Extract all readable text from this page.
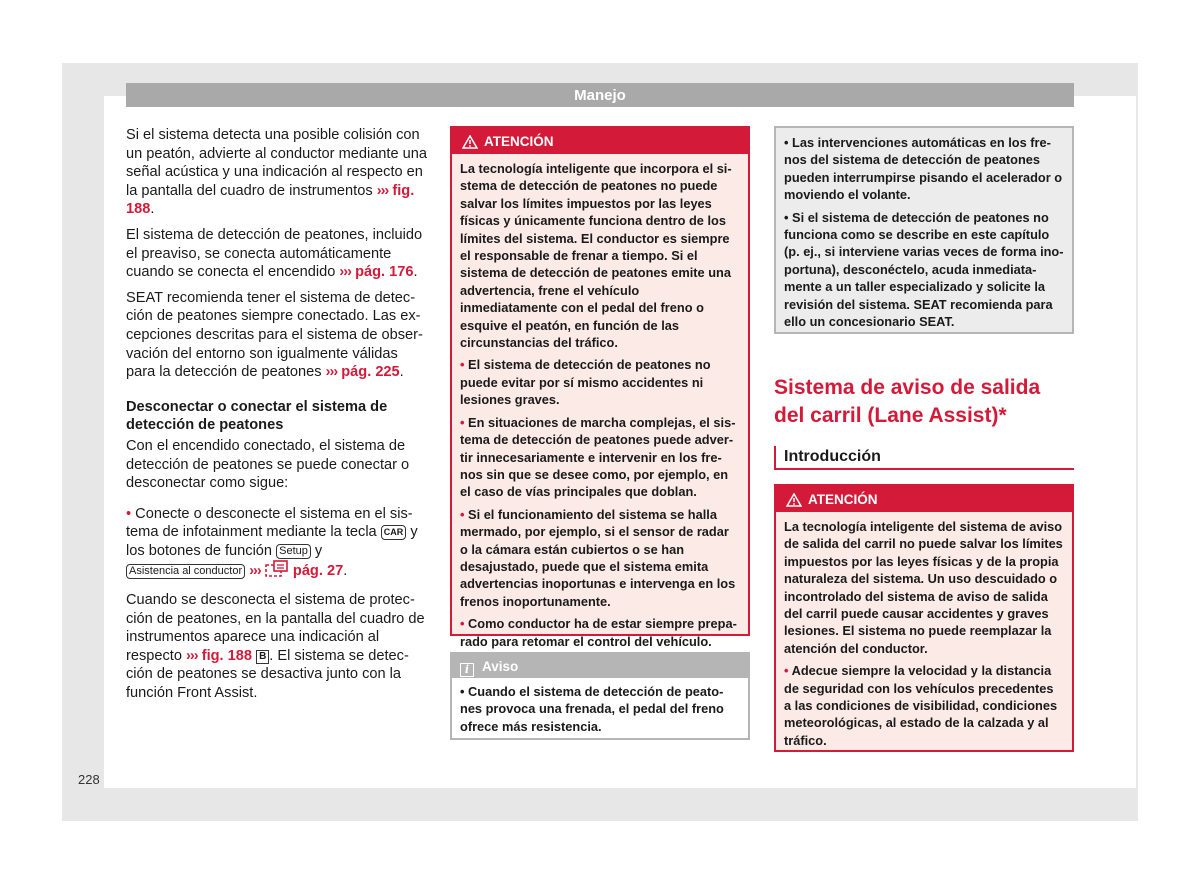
Manejo

Si el sistema detecta una posible colisión con un peatón, advierte al conductor mediante una señal acústica y una indicación al respecto en la pantalla del cuadro de instrumentos ››› fig. 188.

El sistema de detección de peatones, incluido el preaviso, se conecta automáticamente cuando se conecta el encendido ››› pág. 176.

SEAT recomienda tener el sistema de detección de peatones siempre conectado. Las excepciones descritas para el sistema de observación del entorno son igualmente válidas para la detección de peatones ››› pág. 225.

Desconectar o conectar el sistema de detección de peatones

Con el encendido conectado, el sistema de detección de peatones se puede conectar o desconectar como sigue:

• Conecte o desconecte el sistema en el sistema de infotainment mediante la tecla CAR y los botones de función Setup y Asistencia al conductor ››› pág. 27.

Cuando se desconecta el sistema de protección de peatones, en la pantalla del cuadro de instrumentos aparece una indicación al respecto ››› fig. 188 B . El sistema se detección de peatones se desactiva junto con la función Front Assist.

ATENCIÓN

La tecnología inteligente que incorpora el sistema de detección de peatones no puede salvar los límites impuestos por las leyes físicas y únicamente funciona dentro de los límites del sistema. El conductor es siempre el responsable de frenar a tiempo. Si el sistema de detección de peatones emite una advertencia, frene el vehículo inmediatamente con el pedal del freno o esquive el peatón, en función de las circunstancias del tráfico.

• El sistema de detección de peatones no puede evitar por sí mismo accidentes ni lesiones graves.

• En situaciones de marcha complejas, el sistema de detección de peatones puede advertir innecesariamente e intervenir en los frenos sin que se desee como, por ejemplo, en el caso de vías principales que doblan.

• Si el funcionamiento del sistema se halla mermado, por ejemplo, si el sensor de radar o la cámara están cubiertos o se han desajustado, puede que el sistema emita advertencias inoportunas e intervenga en los frenos inoportunamente.

• Como conductor ha de estar siempre preparado para retomar el control del vehículo.

i Aviso

• Cuando el sistema de detección de peatones provoca una frenada, el pedal del freno ofrece más resistencia.

• Las intervenciones automáticas en los frenos del sistema de detección de peatones pueden interrumpirse pisando el acelerador o moviendo el volante.

• Si el sistema de detección de peatones no funciona como se describe en este capítulo (p. ej., si interviene varias veces de forma inoportuna), desconéctelo, acuda inmediatamente a un taller especializado y solicite la revisión del sistema. SEAT recomienda para ello un concesionario SEAT.

Sistema de aviso de salida del carril (Lane Assist)*
Introducción
ATENCIÓN

La tecnología inteligente del sistema de aviso de salida del carril no puede salvar los límites impuestos por las leyes físicas y de la propia naturaleza del sistema. Un uso descuidado o incontrolado del sistema de aviso de salida del carril puede causar accidentes y graves lesiones. El sistema no puede reemplazar la atención del conductor.

• Adecue siempre la velocidad y la distancia de seguridad con los vehículos precedentes a las condiciones de visibilidad, condiciones meteorológicas, al estado de la calzada y al tráfico.

228
